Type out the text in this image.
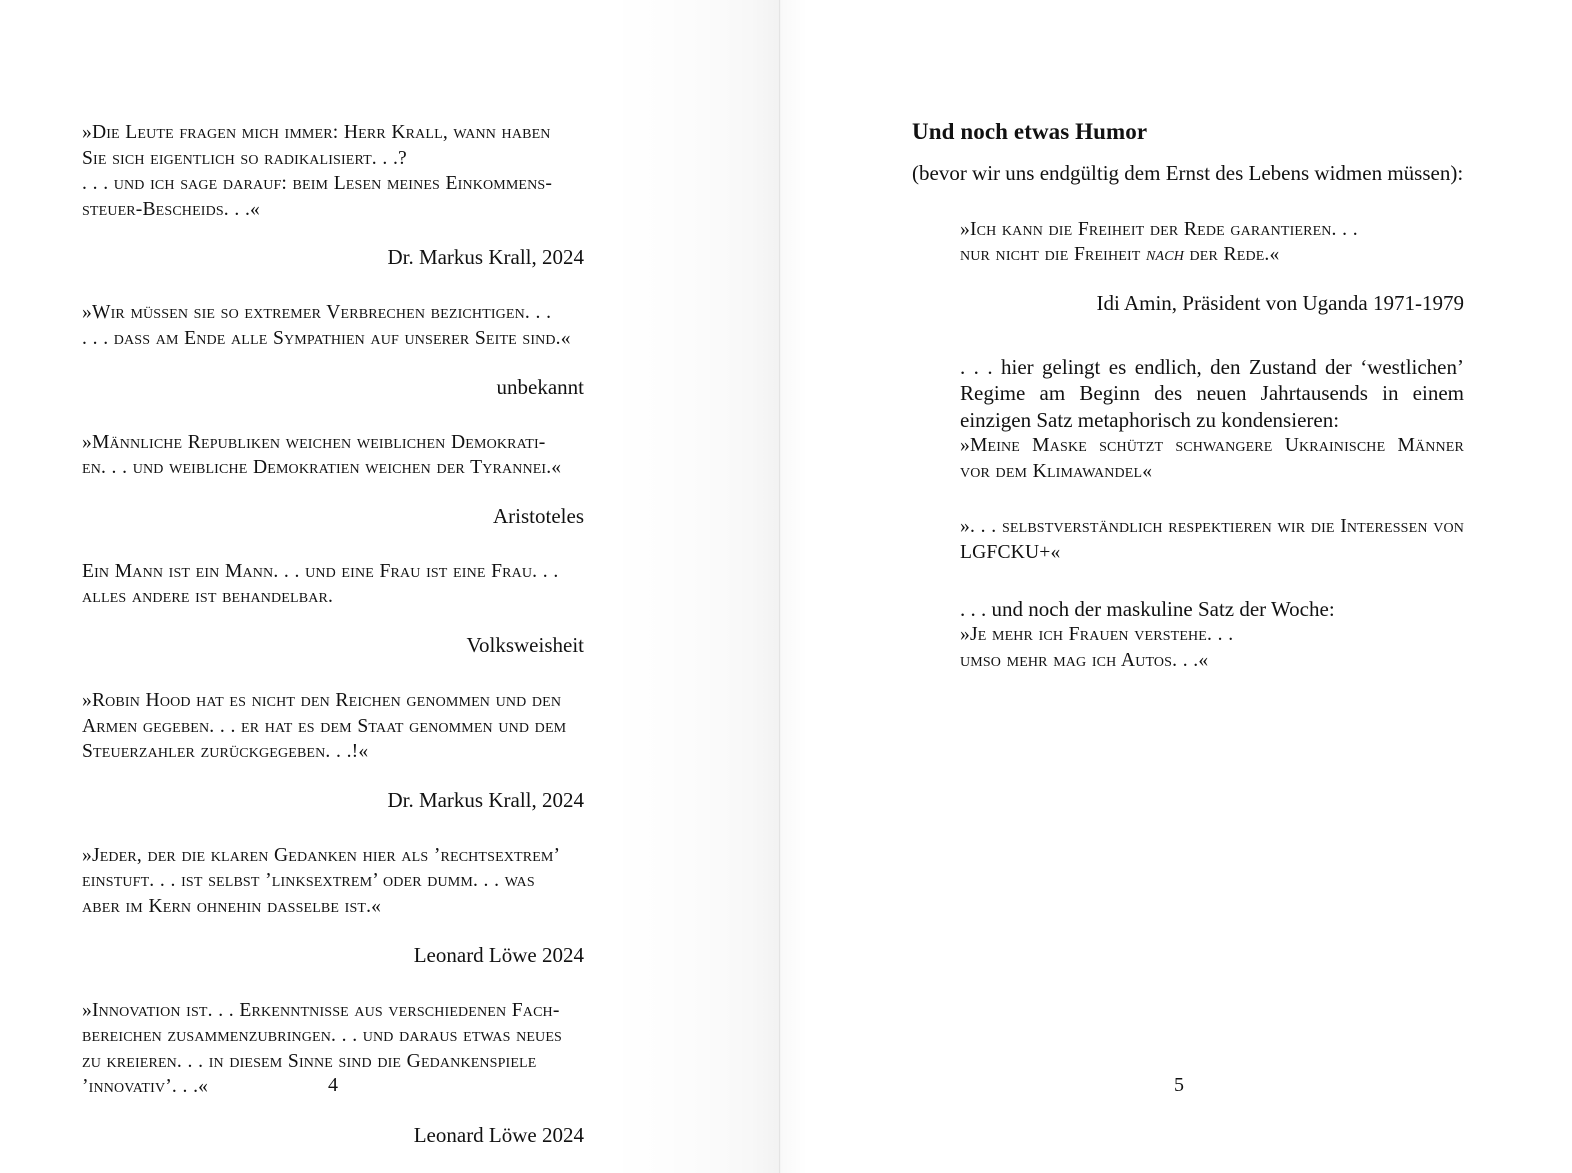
»Die Leute fragen mich immer: Herr Krall, wann haben
Sie sich eigentlich so radikalisiert. . .?
. . . und ich sage darauf: beim Lesen meines Einkommens-
steuer-Bescheids. . .«

Dr. Markus Krall, 2024

»Wir müssen sie so extremer Verbrechen bezichtigen. . .
. . . dass am Ende alle Sympathien auf unserer Seite sind.«

unbekannt

»Männliche Republiken weichen weiblichen Demokrati-
en. . . und weibliche Demokratien weichen der Tyrannei.«

Aristoteles

Ein Mann ist ein Mann. . . und eine Frau ist eine Frau. . .
alles andere ist behandelbar.

Volksweisheit

»Robin Hood hat es nicht den Reichen genommen und den
Armen gegeben. . . er hat es dem Staat genommen und dem
Steuerzahler zurückgegeben. . .!«

Dr. Markus Krall, 2024

»Jeder, der die klaren Gedanken hier als ’rechtsextrem’
einstuft. . . ist selbst ’linksextrem’ oder dumm. . . was
aber im Kern ohnehin dasselbe ist.«

Leonard Löwe 2024

»Innovation ist. . . Erkenntnisse aus verschiedenen Fach-
bereichen zusammenzubringen. . . und daraus etwas neues
zu kreieren. . . in diesem Sinne sind die Gedankenspiele
’innovativ’. . .«

Leonard Löwe 2024

4
Und noch etwas Humor

(bevor wir uns endgültig dem Ernst des Lebens widmen müssen):

»Ich kann die Freiheit der Rede garantieren. . .
nur nicht die Freiheit nach der Rede.«

Idi Amin, Präsident von Uganda 1971-1979

. . . hier gelingt es endlich, den Zustand der ‘westlichen’ Regime am Beginn des neuen Jahrtausends in einem einzigen Satz metaphorisch zu kondensieren:

»Meine Maske schützt schwangere Ukrainische Männer vor dem Klimawandel«

». . . selbstverständlich respektieren wir die Interessen von LGFCKU+«

. . . und noch der maskuline Satz der Woche:

»Je mehr ich Frauen verstehe. . .
umso mehr mag ich Autos. . .«

5
